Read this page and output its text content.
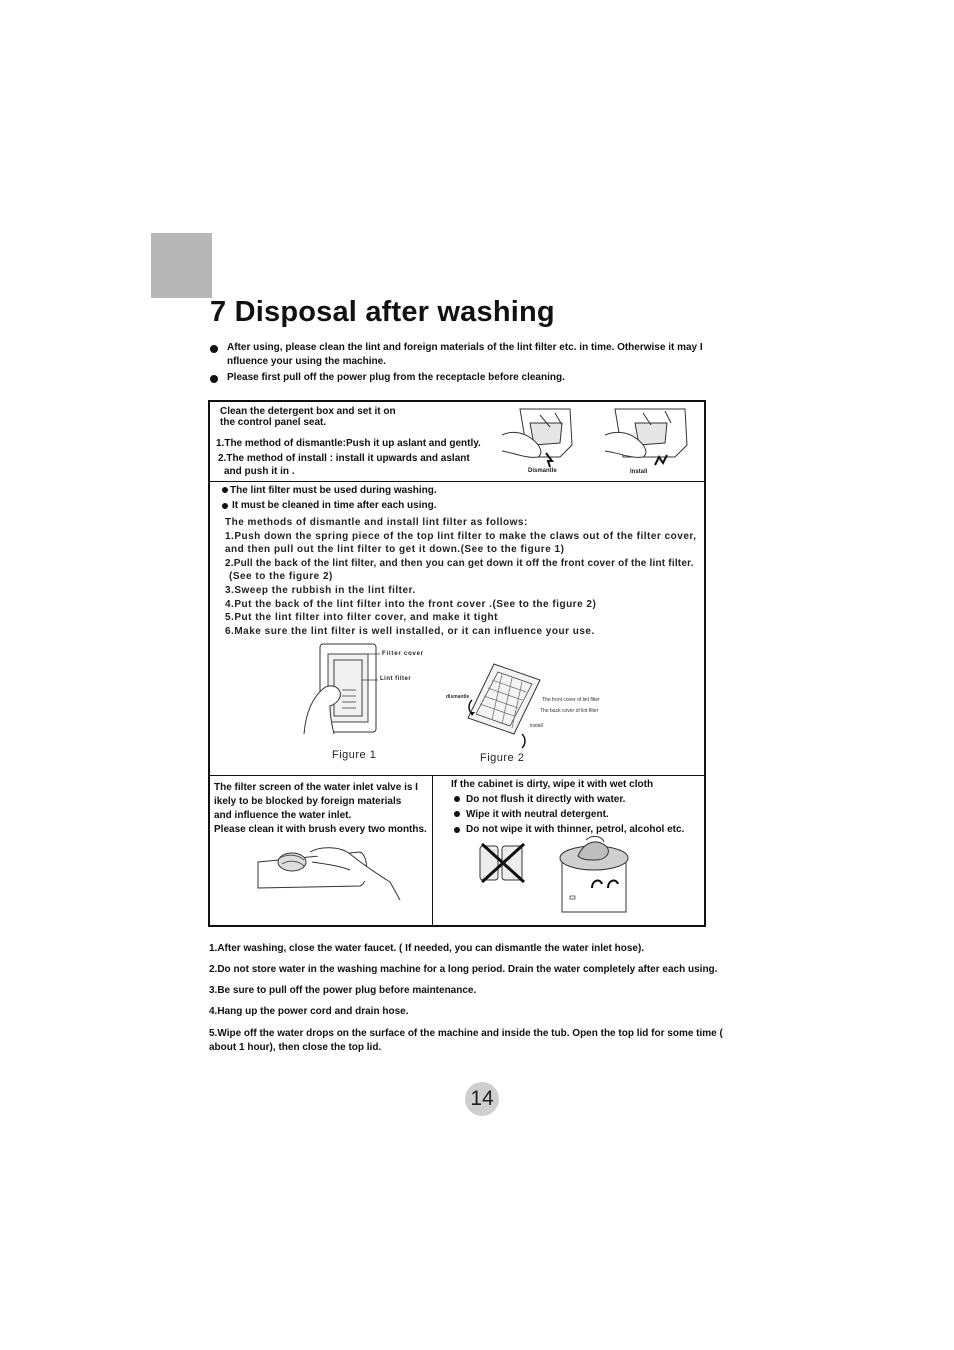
7 Disposal after washing
After using, please clean the lint and foreign materials of the lint filter etc. in time. Otherwise it may I
nfluence your using the machine.
Please first pull off the power plug from the receptacle before cleaning.
Clean the detergent box and set it on
the control panel seat.
1.The method of dismantle:Push it up aslant and gently.
2.The method of install : install it upwards and aslant
and push it in .	Dismantle	Install
The lint filter must be used during washing.
It must be cleaned in time after each using.
The methods of dismantle and install lint filter as follows:
1.Push down the spring piece of the top lint filter to make the claws out of the filter cover,
and then pull out the lint filter to get it down.(See to the figure 1)
2.Pull the back of the lint filter, and then you can get down it off the front cover of the lint filter.
(See to the figure 2)
3.Sweep the rubbish in the lint filter.
4.Put the back of the lint filter into the front cover .(See to the figure 2)
5.Put the lint filter into filter cover, and make it tight
6.Make sure the lint filter is well installed, or it can influence your use.
Filter cover
Lint filter
Figure 1
dismantle	The front cover of lint filter
The back cover of lint filter
install
Figure 2
The filter screen of the water inlet valve is I
ikely to be blocked by foreign materials
and influence the water inlet.
Please clean it with brush every two months.
If the cabinet is dirty, wipe it with wet cloth
Do not flush it directly with water.
Wipe it with neutral detergent.
Do not wipe it with thinner, petrol, alcohol etc.
1.After washing, close the water faucet. ( If needed, you can dismantle the water inlet hose).
2.Do not store water in the washing machine for a long period. Drain the water completely after each using.
3.Be sure to pull off the power plug before maintenance.
4.Hang up the power cord and drain hose.
5.Wipe off the water drops on the surface of the machine and inside the tub. Open the top lid for some time (
about 1 hour), then close the top lid.
14
